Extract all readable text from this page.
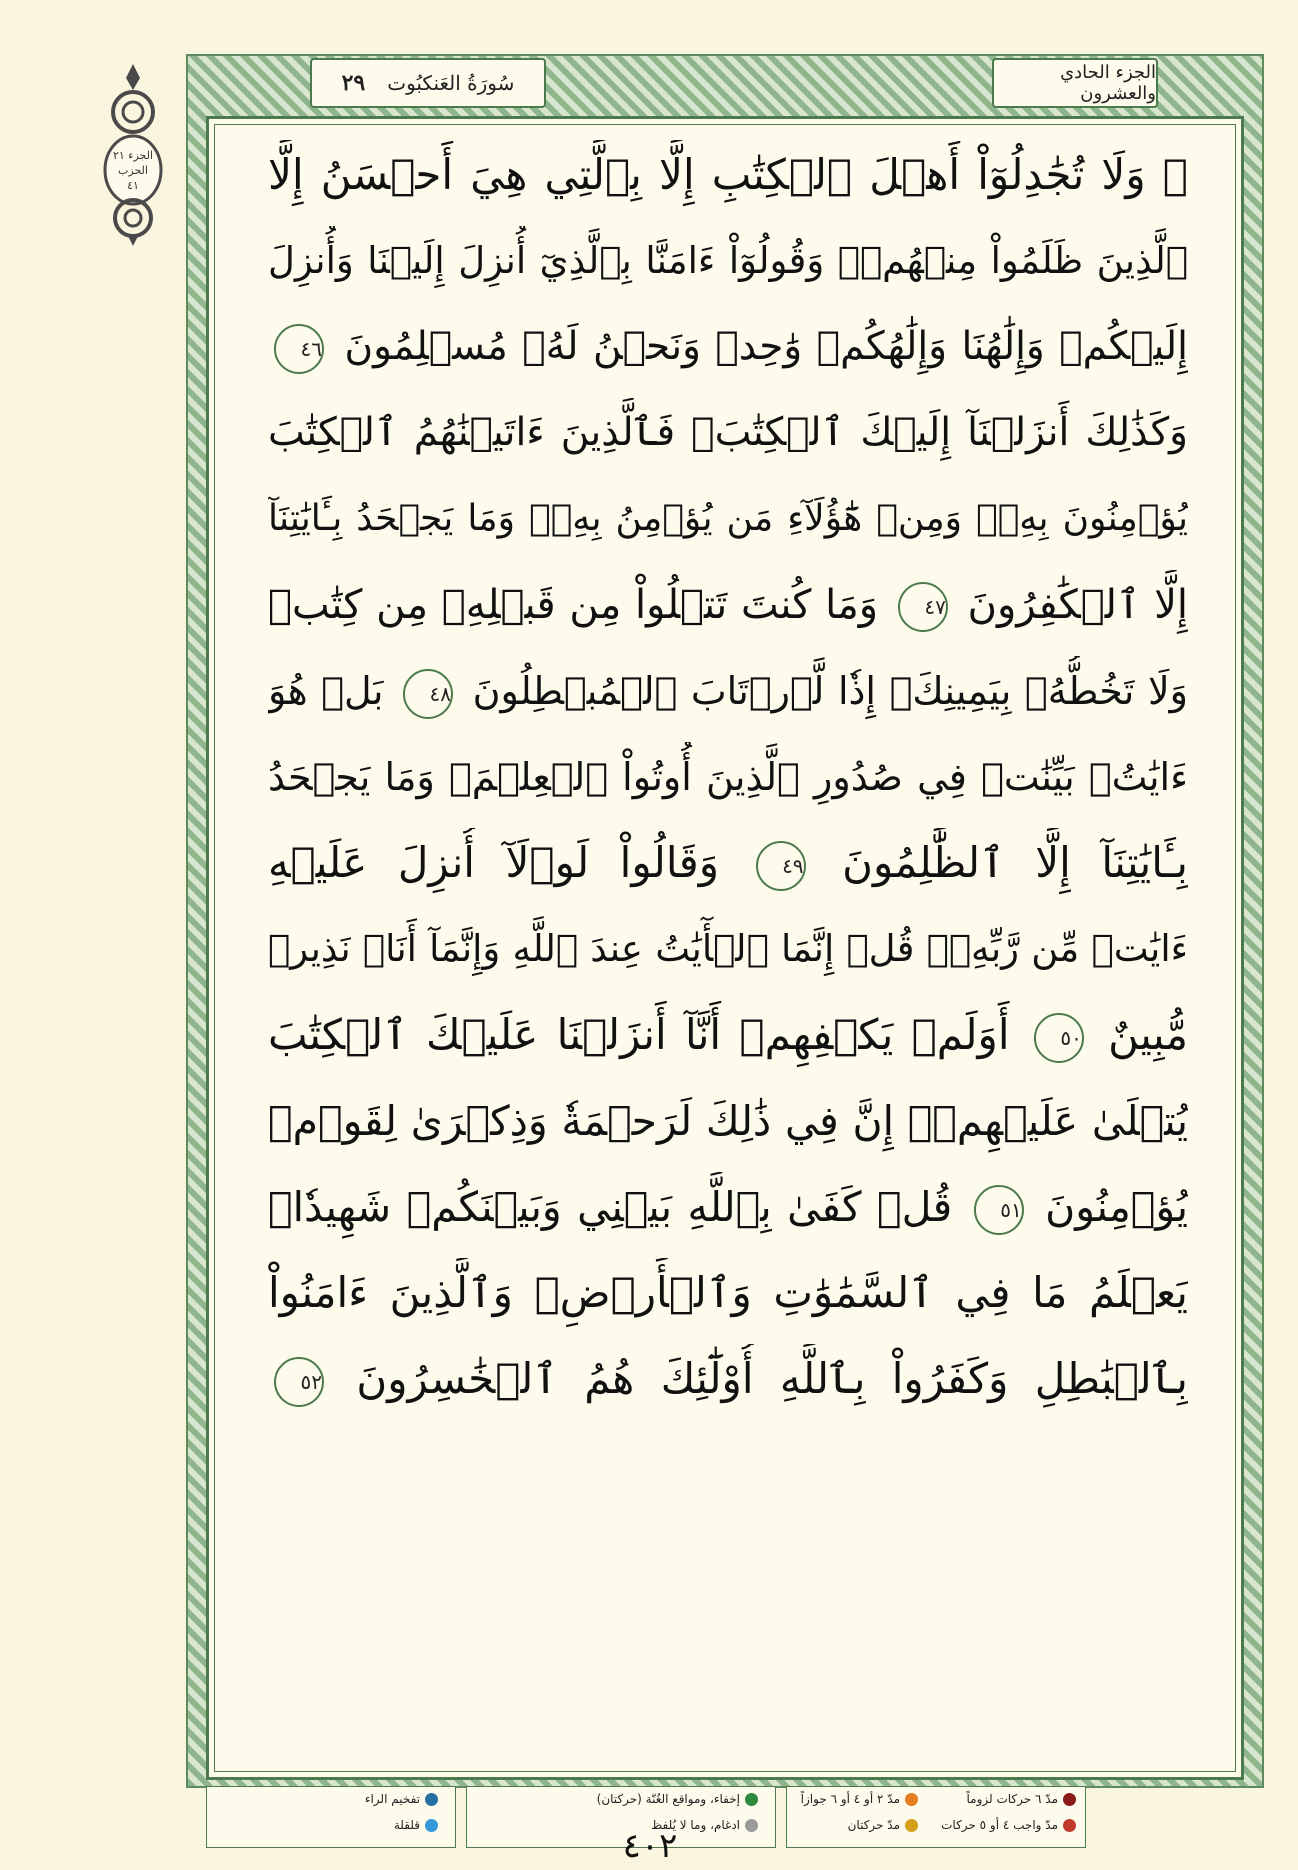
الجزء ٢١
الحزب ٤١
سُورَةُ العَنكبُوت
٢٩	الجزء الحادي والعشرون
۞ وَلَا تُجَٰدِلُوٓاْ أَهۡلَ ٱلۡكِتَٰبِ إِلَّا بِٱلَّتِي هِيَ أَحۡسَنُ إِلَّا
ٱلَّذِينَ ظَلَمُواْ مِنۡهُمۡۖ وَقُولُوٓاْ ءَامَنَّا بِٱلَّذِيٓ أُنزِلَ إِلَيۡنَا وَأُنزِلَ
إِلَيۡكُمۡ وَإِلَٰهُنَا وَإِلَٰهُكُمۡ وَٰحِدٞ وَنَحۡنُ لَهُۥ مُسۡلِمُونَ ٤٦
وَكَذَٰلِكَ أَنزَلۡنَآ إِلَيۡكَ ٱلۡكِتَٰبَۚ فَٱلَّذِينَ ءَاتَيۡنَٰهُمُ ٱلۡكِتَٰبَ
يُؤۡمِنُونَ بِهِۦۖ وَمِنۡ هَٰٓؤُلَآءِ مَن يُؤۡمِنُ بِهِۦۚ وَمَا يَجۡحَدُ بِـَٔايَٰتِنَآ
إِلَّا ٱلۡكَٰفِرُونَ ٤٧ وَمَا كُنتَ تَتۡلُواْ مِن قَبۡلِهِۦ مِن كِتَٰبٖ
وَلَا تَخُطُّهُۥ بِيَمِينِكَۖ إِذٗا لَّٱرۡتَابَ ٱلۡمُبۡطِلُونَ ٤٨ بَلۡ هُوَ
ءَايَٰتُۢ بَيِّنَٰتٞ فِي صُدُورِ ٱلَّذِينَ أُوتُواْ ٱلۡعِلۡمَۚ وَمَا يَجۡحَدُ
بِـَٔايَٰتِنَآ إِلَّا ٱلظَّٰلِمُونَ ٤٩ وَقَالُواْ لَوۡلَآ أُنزِلَ عَلَيۡهِ
ءَايَٰتٞ مِّن رَّبِّهِۦۖ قُلۡ إِنَّمَا ٱلۡأٓيَٰتُ عِندَ ٱللَّهِ وَإِنَّمَآ أَنَا۠ نَذِيرٞ
مُّبِينٌ ٥٠ أَوَلَمۡ يَكۡفِهِمۡ أَنَّآ أَنزَلۡنَا عَلَيۡكَ ٱلۡكِتَٰبَ
يُتۡلَىٰ عَلَيۡهِمۡۚ إِنَّ فِي ذَٰلِكَ لَرَحۡمَةٗ وَذِكۡرَىٰ لِقَوۡمٖ
يُؤۡمِنُونَ ٥١ قُلۡ كَفَىٰ بِٱللَّهِ بَيۡنِي وَبَيۡنَكُمۡ شَهِيدٗاۖ
يَعۡلَمُ مَا فِي ٱلسَّمَٰوَٰتِ وَٱلۡأَرۡضِۗ وَٱلَّذِينَ ءَامَنُواْ
بِٱلۡبَٰطِلِ وَكَفَرُواْ بِٱللَّهِ أُوْلَٰٓئِكَ هُمُ ٱلۡخَٰسِرُونَ ٥٢
مدّ ٦ حركات لزوماً
مدّ ٢ أو ٤ أو ٦ جوازاً
إخفاء، ومواقع الغُنّة (حركتان)
تفخيم الراء
مدّ واجب ٤ أو ٥ حركات
مدّ حركتان
ادغام، وما لا يُلفظ
قلقلة
٤٠٢
